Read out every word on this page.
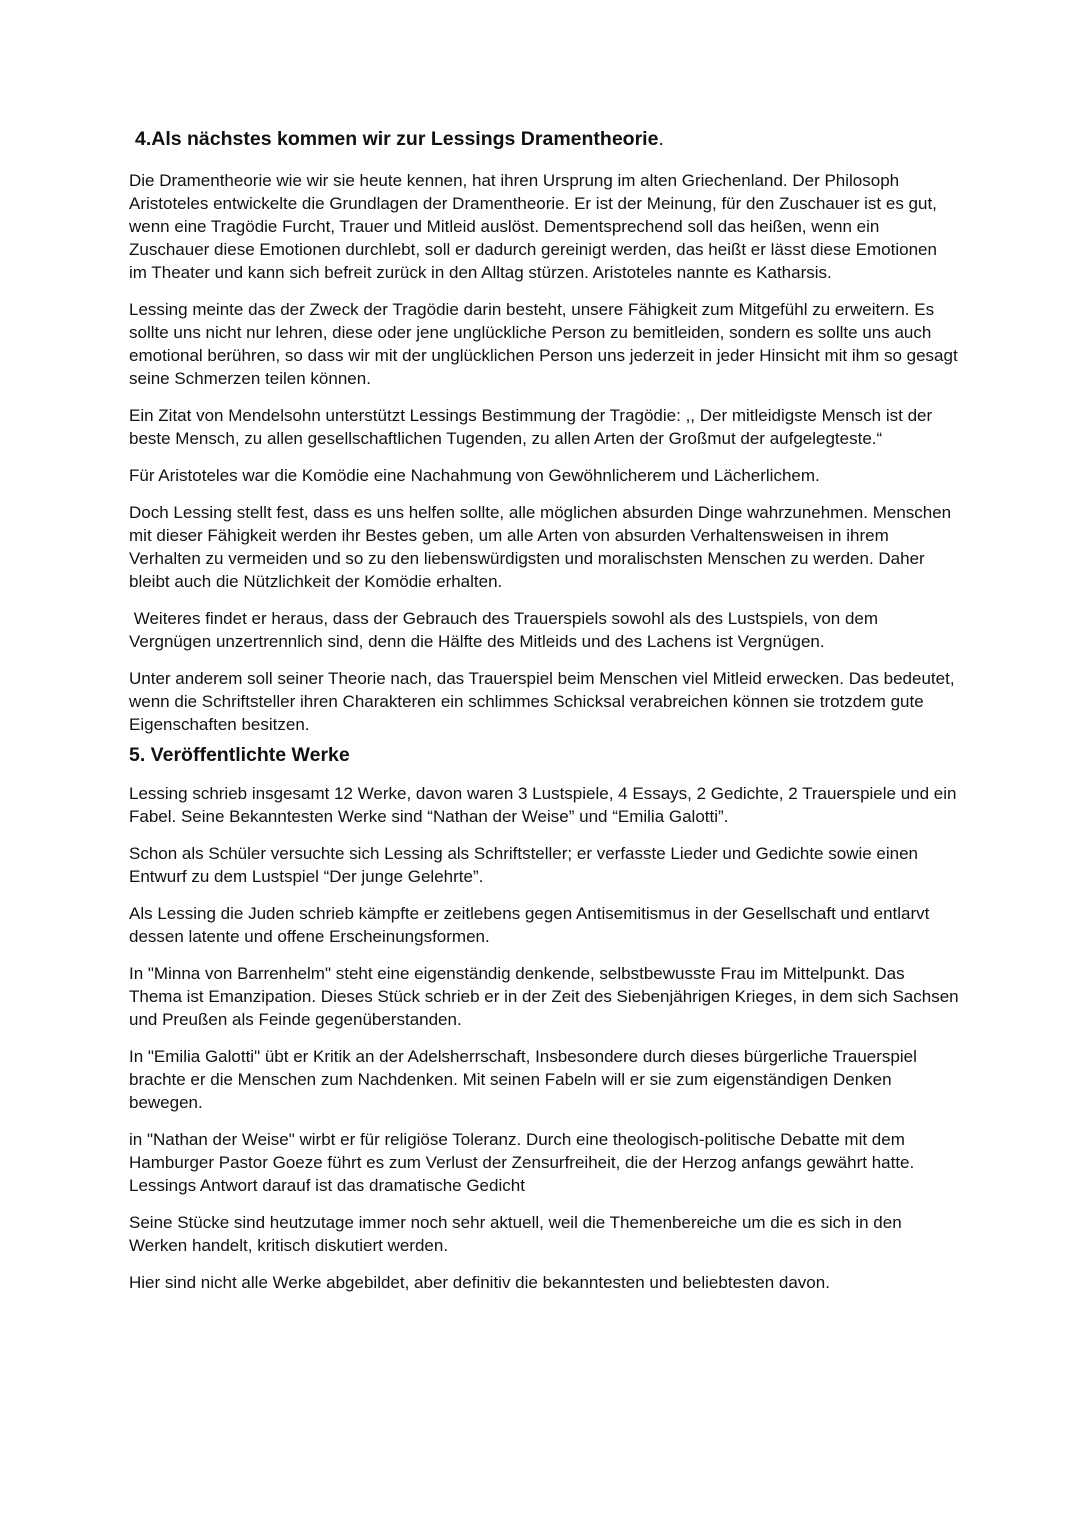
4.Als nächstes kommen wir zur Lessings Dramentheorie.

Die Dramentheorie wie wir sie heute kennen, hat ihren Ursprung im alten Griechenland. Der Philosoph Aristoteles entwickelte die Grundlagen der Dramentheorie. Er ist der Meinung, für den Zuschauer ist es gut, wenn eine Tragödie Furcht, Trauer und Mitleid auslöst. Dementsprechend soll das heißen, wenn ein Zuschauer diese Emotionen durchlebt, soll er dadurch gereinigt werden, das heißt er lässt diese Emotionen im Theater und kann sich befreit zurück in den Alltag stürzen. Aristoteles nannte es Katharsis.

Lessing meinte das der Zweck der Tragödie darin besteht, unsere Fähigkeit zum Mitgefühl zu erweitern. Es sollte uns nicht nur lehren, diese oder jene unglückliche Person zu bemitleiden, sondern es sollte uns auch emotional berühren, so dass wir mit der unglücklichen Person uns jederzeit in jeder Hinsicht mit ihm so gesagt seine Schmerzen teilen können.

Ein Zitat von Mendelsohn unterstützt Lessings Bestimmung der Tragödie: ,, Der mitleidigste Mensch ist der beste Mensch, zu allen gesellschaftlichen Tugenden, zu allen Arten der Großmut der aufgelegteste.“

Für Aristoteles war die Komödie eine Nachahmung von Gewöhnlicherem und Lächerlichem.

Doch Lessing stellt fest, dass es uns helfen sollte, alle möglichen absurden Dinge wahrzunehmen. Menschen mit dieser Fähigkeit werden ihr Bestes geben, um alle Arten von absurden Verhaltensweisen in ihrem Verhalten zu vermeiden und so zu den liebenswürdigsten und moralischsten Menschen zu werden. Daher bleibt auch die Nützlichkeit der Komödie erhalten.

Weiteres findet er heraus, dass der Gebrauch des Trauerspiels sowohl als des Lustspiels, von dem Vergnügen unzertrennlich sind, denn die Hälfte des Mitleids und des Lachens ist Vergnügen.

Unter anderem soll seiner Theorie nach, das Trauerspiel beim Menschen viel Mitleid erwecken. Das bedeutet, wenn die Schriftsteller ihren Charakteren ein schlimmes Schicksal verabreichen können sie trotzdem gute Eigenschaften besitzen.

5. Veröffentlichte Werke

Lessing schrieb insgesamt 12 Werke, davon waren 3 Lustspiele, 4 Essays, 2 Gedichte, 2 Trauerspiele und ein Fabel. Seine Bekanntesten Werke sind “Nathan der Weise” und “Emilia Galotti”.

Schon als Schüler versuchte sich Lessing als Schriftsteller; er verfasste Lieder und Gedichte sowie einen Entwurf zu dem Lustspiel “Der junge Gelehrte”.

Als Lessing die Juden schrieb kämpfte er zeitlebens gegen Antisemitismus in der Gesellschaft und entlarvt dessen latente und offene Erscheinungsformen.

In "Minna von Barrenhelm" steht eine eigenständig denkende, selbstbewusste Frau im Mittelpunkt. Das Thema ist Emanzipation. Dieses Stück schrieb er in der Zeit des Siebenjährigen Krieges, in dem sich Sachsen und Preußen als Feinde gegenüberstanden.

In "Emilia Galotti" übt er Kritik an der Adelsherrschaft, Insbesondere durch dieses bürgerliche Trauerspiel brachte er die Menschen zum Nachdenken. Mit seinen Fabeln will er sie zum eigenständigen Denken bewegen.

in "Nathan der Weise" wirbt er für religiöse Toleranz. Durch eine theologisch-politische Debatte mit dem Hamburger Pastor Goeze führt es zum Verlust der Zensurfreiheit, die der Herzog anfangs gewährt hatte. Lessings Antwort darauf ist das dramatische Gedicht

Seine Stücke sind heutzutage immer noch sehr aktuell, weil die Themenbereiche um die es sich in den Werken handelt, kritisch diskutiert werden.

Hier sind nicht alle Werke abgebildet, aber definitiv die bekanntesten und beliebtesten davon.
